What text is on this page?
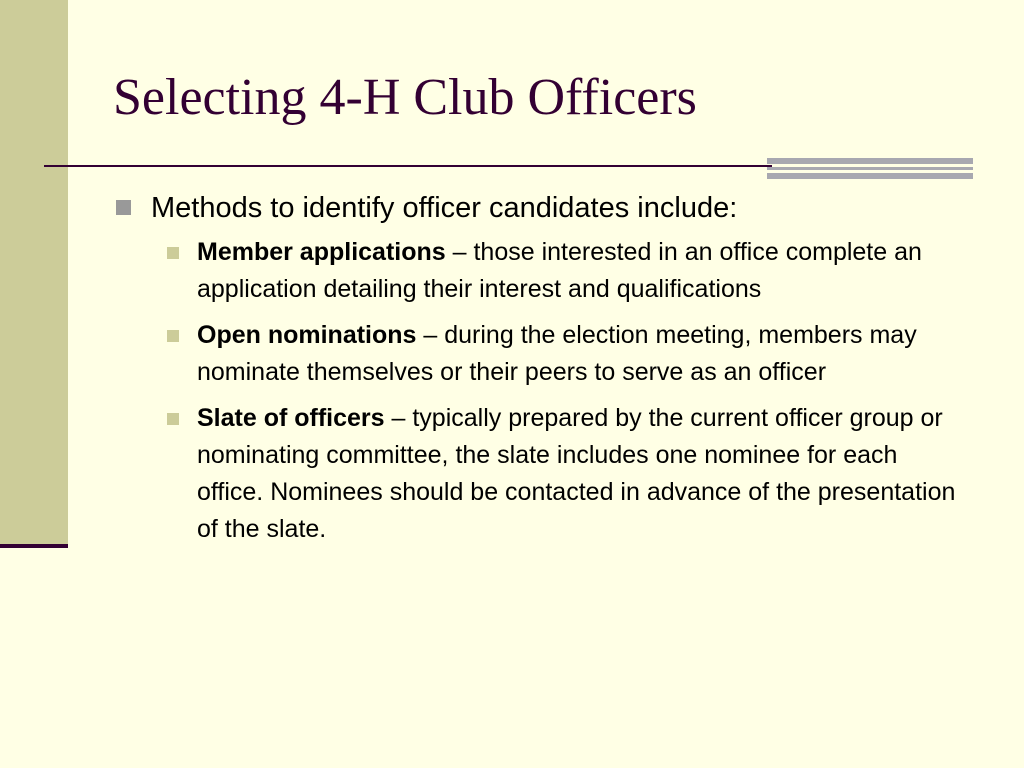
Selecting 4-H Club Officers
Methods to identify officer candidates include:
Member applications – those interested in an office complete an application detailing their interest and qualifications
Open nominations – during the election meeting, members may nominate themselves or their peers to serve as an officer
Slate of officers – typically prepared by the current officer group or nominating committee, the slate includes one nominee for each office. Nominees should be contacted in advance of the presentation of the slate.
